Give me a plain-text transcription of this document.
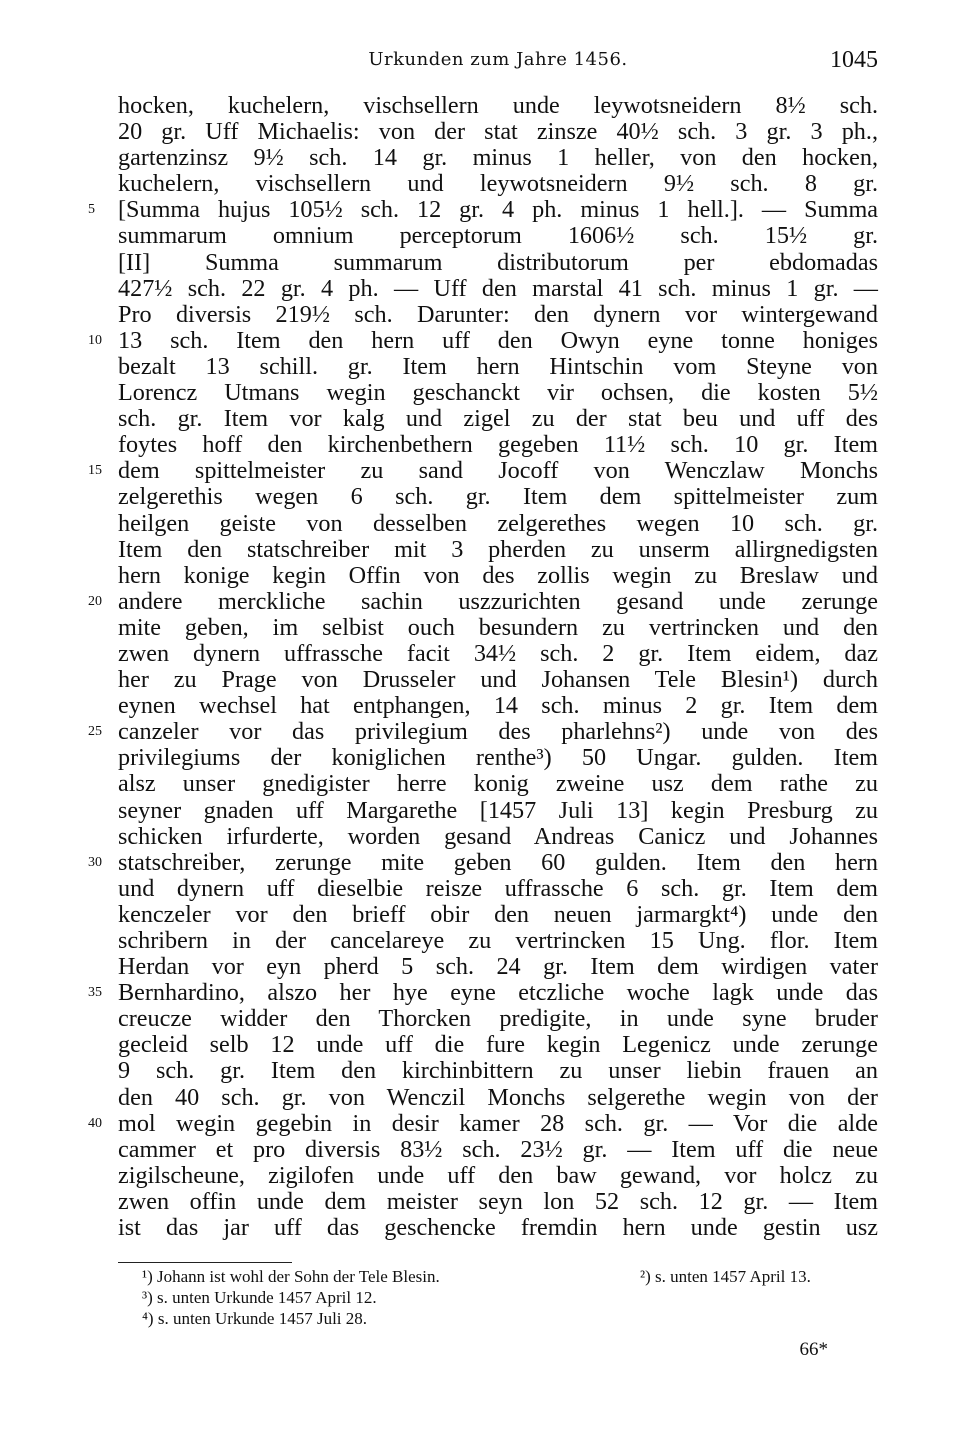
Urkunden zum Jahre 1456.	1045
hocken, kuchelern, vischsellern unde leywotsneidern 8½ sch.
20 gr. Uff Michaelis: von der stat zinsze 40½ sch. 3 gr. 3 ph.,
gartenzinsz 9½ sch. 14 gr. minus 1 heller, von den hocken,
kuchelern, vischsellern und leywotsneidern 9½ sch. 8 gr.
5 [Summa hujus 105½ sch. 12 gr. 4 ph. minus 1 hell.]. — Summa
summarum omnium perceptorum 1606½ sch. 15½ gr.
[II] Summa summarum distributorum per ebdomadas
427½ sch. 22 gr. 4 ph. — Uff den marstal 41 sch. minus 1 gr. —
Pro diversis 219½ sch. Darunter: den dynern vor wintergewand
10 13 sch. Item den hern uff den Owyn eyne tonne honiges
bezalt 13 schill. gr. Item hern Hintschin vom Steyne von
Lorencz Utmans wegin geschanckt vir ochsen, die kosten 5½
sch. gr. Item vor kalg und zigel zu der stat beu und uff des
foytes hoff den kirchenbethern gegeben 11½ sch. 10 gr. Item
15 dem spittelmeister zu sand Jocoff von Wenczlaw Monchs
zelgerethis wegen 6 sch. gr. Item dem spittelmeister zum
heilgen geiste von desselben zelgerethes wegen 10 sch. gr.
Item den statschreiber mit 3 pherden zu unserm allirgnedigsten
hern konige kegin Offin von des zollis wegin zu Breslaw und
20 andere merckliche sachin uszzurichten gesand unde zerunge
mite geben, im selbist ouch besundern zu vertrincken und den
zwen dynern uffrassche facit 34½ sch. 2 gr. Item eidem, daz
her zu Prage von Drusseler und Johansen Tele Blesin¹) durch
eynen wechsel hat entphangen, 14 sch. minus 2 gr. Item dem
25 canzeler vor das privilegium des pharlehns²) unde von des
privilegiums der koniglichen renthe³) 50 Ungar. gulden. Item
alsz unser gnedigister herre konig zweine usz dem rathe zu
seyner gnaden uff Margarethe [1457 Juli 13] kegin Presburg zu
schicken irfurderte, worden gesand Andreas Canicz und Johannes
30 statschreiber, zerunge mite geben 60 gulden. Item den hern
und dynern uff dieselbie reisze uffrassche 6 sch. gr. Item dem
kenczeler vor den brieff obir den neuen jarmargkt⁴) unde den
schribern in der cancelareye zu vertrincken 15 Ung. flor. Item
Herdan vor eyn pherd 5 sch. 24 gr. Item dem wirdigen vater
35 Bernhardino, alszo her hye eyne etczliche woche lagk unde das
creucze widder den Thorcken predigite, in unde syne bruder
gecleid selb 12 unde uff die fure kegin Legenicz unde zerunge
9 sch. gr. Item den kirchinbittern zu unser liebin frauen an
den 40 sch. gr. von Wenczil Monchs selgerethe wegin von der
40 mol wegin gegebin in desir kamer 28 sch. gr. — Vor die alde
cammer et pro diversis 83½ sch. 23½ gr. — Item uff die neue
zigilscheune, zigilofen unde uff den baw gewand, vor holcz zu
zwen offin unde dem meister seyn lon 52 sch. 12 gr. — Item
ist das jar uff das geschencke fremdin hern unde gestin usz
¹) Johann ist wohl der Sohn der Tele Blesin.	²) s. unten 1457 April 13.
³) s. unten Urkunde 1457 April 12.
⁴) s. unten Urkunde 1457 Juli 28.
66*
